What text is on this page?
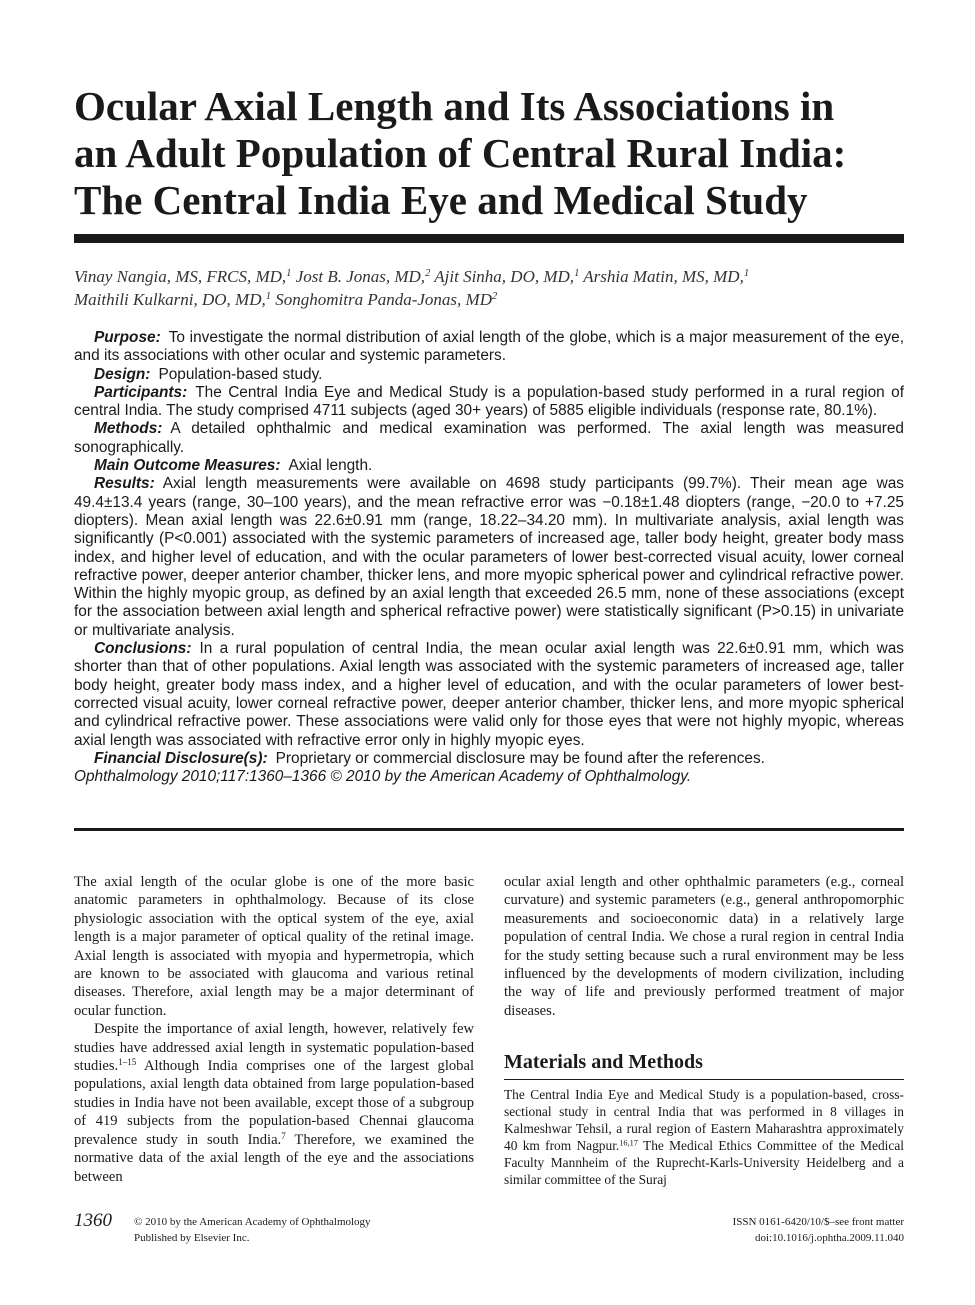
Ocular Axial Length and Its Associations in
an Adult Population of Central Rural India:
The Central India Eye and Medical Study
Vinay Nangia, MS, FRCS, MD,$^1$ Jost B. Jonas, MD,$^2$ Ajit Sinha, DO, MD,$^1$ Arshia Matin, MS, MD,$^1$
Maithili Kulkarni, DO, MD,$^1$ Songhomitra Panda-Jonas, $MD^2$

Purpose: To investigate the normal distribution of axial length of the globe, which is a major measurement of the eye, and its associations with other ocular and systemic parameters.

Design: Population-based study.

Participants: The Central India Eye and Medical Study is a population-based study performed in a rural region of central India. The study comprised 4711 subjects (aged 30+ years) of 5885 eligible individuals (response rate, 80.1%).

Methods: A detailed ophthalmic and medical examination was performed. The axial length was measured sonographically.

Main Outcome Measures: Axial length.

Results: Axial length measurements were available on 4698 study participants (99.7%). Their mean age was 49.4±13.4 years (range, 30–100 years), and the mean refractive error was −0.18±1.48 diopters (range, −20.0 to +7.25 diopters). Mean axial length was 22.6±0.91 mm (range, 18.22–34.20 mm). In multivariate analysis, axial length was significantly (P<0.001) associated with the systemic parameters of increased age, taller body height, greater body mass index, and higher level of education, and with the ocular parameters of lower best-corrected visual acuity, lower corneal refractive power, deeper anterior chamber, thicker lens, and more myopic spherical power and cylindrical refractive power. Within the highly myopic group, as defined by an axial length that exceeded 26.5 mm, none of these associations (except for the association between axial length and spherical refractive power) were statistically significant (P>0.15) in univariate or multivariate analysis.

Conclusions: In a rural population of central India, the mean ocular axial length was 22.6±0.91 mm, which was shorter than that of other populations. Axial length was associated with the systemic parameters of increased age, taller body height, greater body mass index, and a higher level of education, and with the ocular parameters of lower best-corrected visual acuity, lower corneal refractive power, deeper anterior chamber, thicker lens, and more myopic spherical and cylindrical refractive power. These associations were valid only for those eyes that were not highly myopic, whereas axial length was associated with refractive error only in highly myopic eyes.

Financial Disclosure(s): Proprietary or commercial disclosure may be found after the references.

Ophthalmology 2010;117:1360–1366 © 2010 by the American Academy of Ophthalmology.

The axial length of the ocular globe is one of the more basic anatomic parameters in ophthalmology. Because of its close physiologic association with the optical system of the eye, axial length is a major parameter of optical quality of the retinal image. Axial length is associated with myopia and hypermetropia, which are known to be associated with glaucoma and various retinal diseases. Therefore, axial length may be a major determinant of ocular function.

Despite the importance of axial length, however, relatively few studies have addressed axial length in systematic population-based studies.$^{1-15}$ Although India comprises one of the largest global populations, axial length data obtained from large population-based studies in India have not been available, except those of a subgroup of 419 subjects from the population-based Chennai glaucoma prevalence study in south India.$^7$ Therefore, we examined the normative data of the axial length of the eye and the associations between

ocular axial length and other ophthalmic parameters (e.g., corneal curvature) and systemic parameters (e.g., general anthropomorphic measurements and socioeconomic data) in a relatively large population of central India. We chose a rural region in central India for the study setting because such a rural environment may be less influenced by the developments of modern civilization, including the way of life and previously performed treatment of major diseases.

Materials and Methods

The Central India Eye and Medical Study is a population-based, cross-sectional study in central India that was performed in 8 villages in Kalmeshwar Tehsil, a rural region of Eastern Maharashtra approximately 40 km from Nagpur.$^{16,17}$ The Medical Ethics Committee of the Medical Faculty Mannheim of the Ruprecht-Karls-University Heidelberg and a similar committee of the Suraj

1360 © 2010 by the American Academy of Ophthalmology
Published by Elsevier Inc.
ISSN 0161-6420/10/$–see front matter
doi:10.1016/j.ophtha.2009.11.040
